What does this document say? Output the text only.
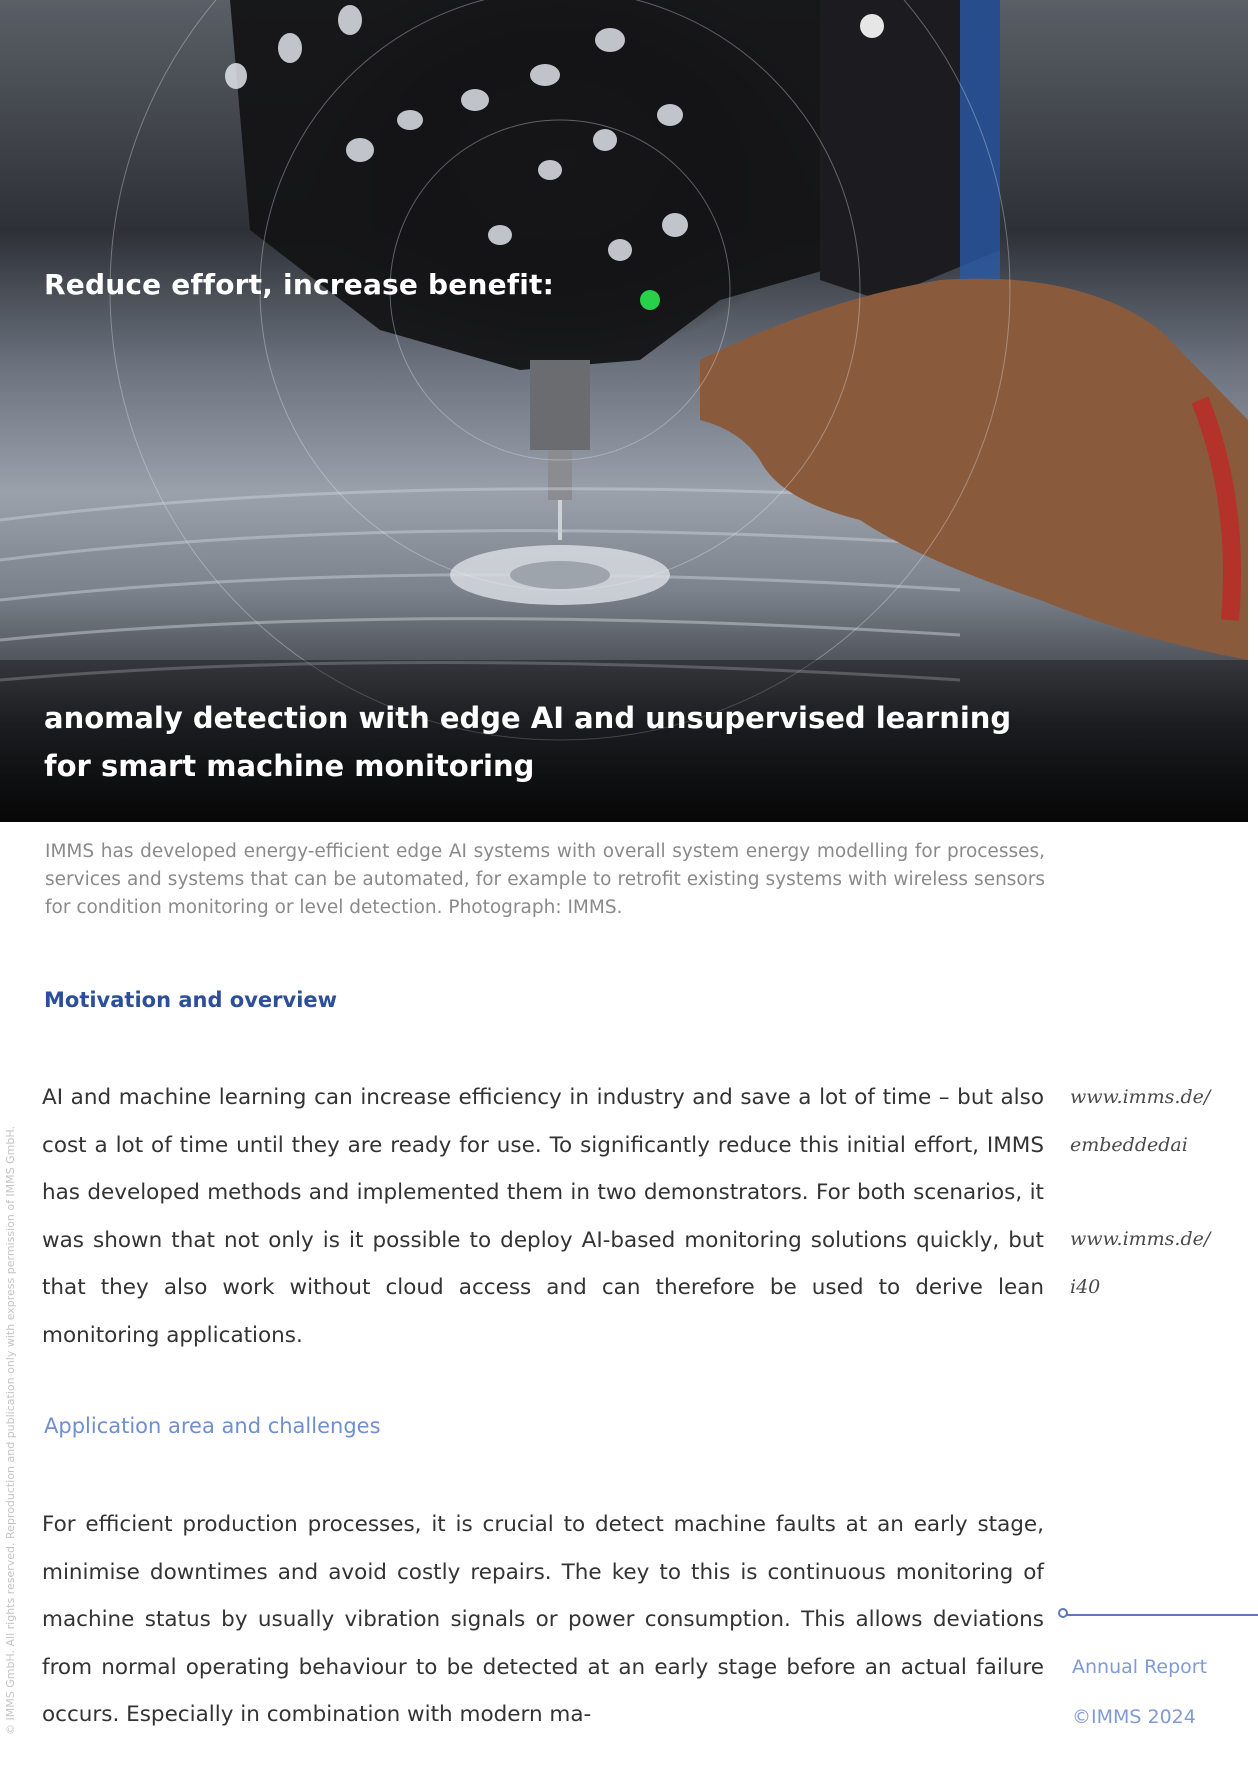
Reduce effort, increase benefit:
anomaly detection with edge AI and unsupervised learning for smart machine monitoring
IMMS has developed energy-efficient edge AI systems with overall system energy modelling for processes, services and systems that can be automated, for example to retrofit existing systems with wireless sensors for condition monitoring or level detection. Photograph: IMMS.
© IMMS GmbH. All rights reserved. Reproduction and publication only with express permission of IMMS GmbH.
Motivation and overview
AI and machine learning can increase efficiency in industry and save a lot of time – but also cost a lot of time until they are ready for use. To significantly reduce this initial effort, IMMS has developed methods and implemented them in two demonstrators. For both scenarios, it was shown that not only is it possible to deploy AI-based monitoring solutions quickly, but that they also work without cloud access and can therefore be used to derive lean monitoring applications.
www.imms.de/
embeddedai
www.imms.de/
i40
Application area and challenges
For efficient production processes, it is crucial to detect machine faults at an early stage, minimise downtimes and avoid costly repairs. The key to this is continuous monitoring of machine status by usually vibration signals or power consumption. This allows deviations from normal operating behaviour to be detected at an early stage before an actual failure occurs. Especially in combination with modern ma-
Annual Report
©IMMS 2024
